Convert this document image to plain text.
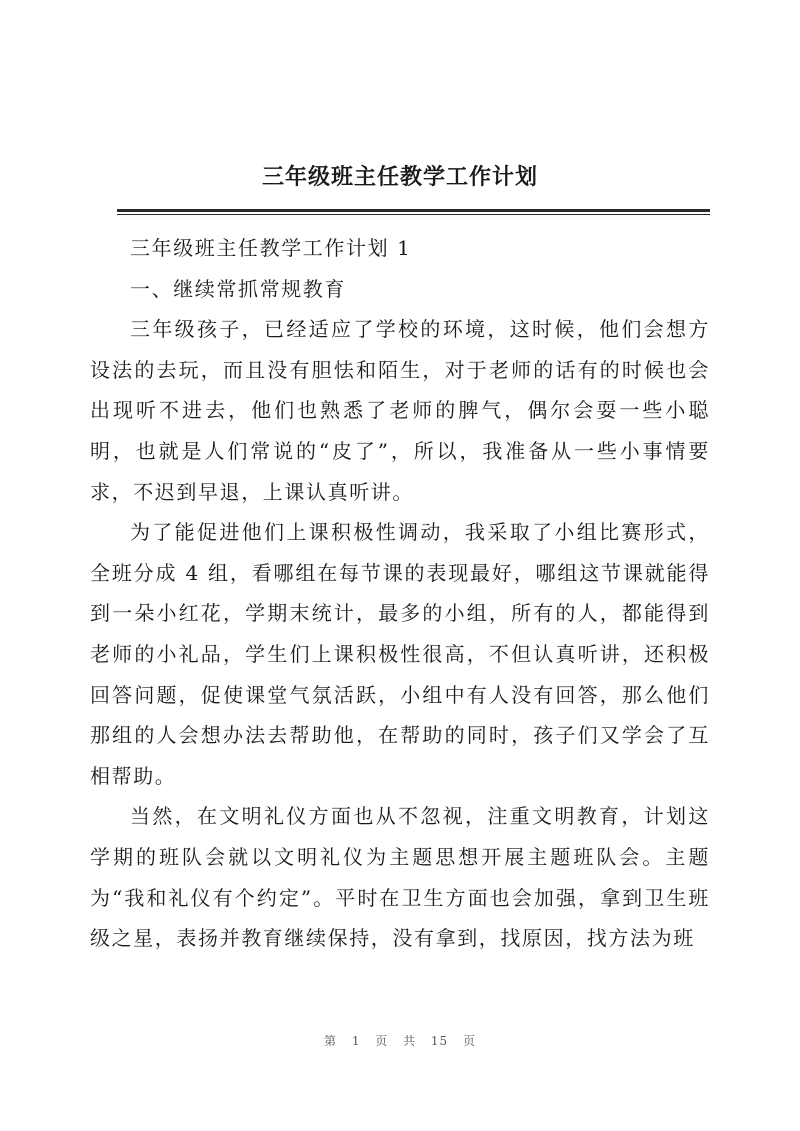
三年级班主任教学工作计划

三年级班主任教学工作计划 1

一、继续常抓常规教育

三年级孩子，已经适应了学校的环境，这时候，他们会想方设法的去玩，而且没有胆怯和陌生，对于老师的话有的时候也会出现听不进去，他们也熟悉了老师的脾气，偶尔会耍一些小聪明，也就是人们常说的“皮了”，所以，我准备从一些小事情要求，不迟到早退，上课认真听讲。

为了能促进他们上课积极性调动，我采取了小组比赛形式，全班分成 4 组，看哪组在每节课的表现最好，哪组这节课就能得到一朵小红花，学期末统计，最多的小组，所有的人，都能得到老师的小礼品，学生们上课积极性很高，不但认真听讲，还积极回答问题，促使课堂气氛活跃，小组中有人没有回答，那么他们那组的人会想办法去帮助他，在帮助的同时，孩子们又学会了互相帮助。

当然，在文明礼仪方面也从不忽视，注重文明教育，计划这学期的班队会就以文明礼仪为主题思想开展主题班队会。主题为“我和礼仪有个约定”。平时在卫生方面也会加强，拿到卫生班级之星，表扬并教育继续保持，没有拿到，找原因，找方法为班

第 1 页 共 15 页
